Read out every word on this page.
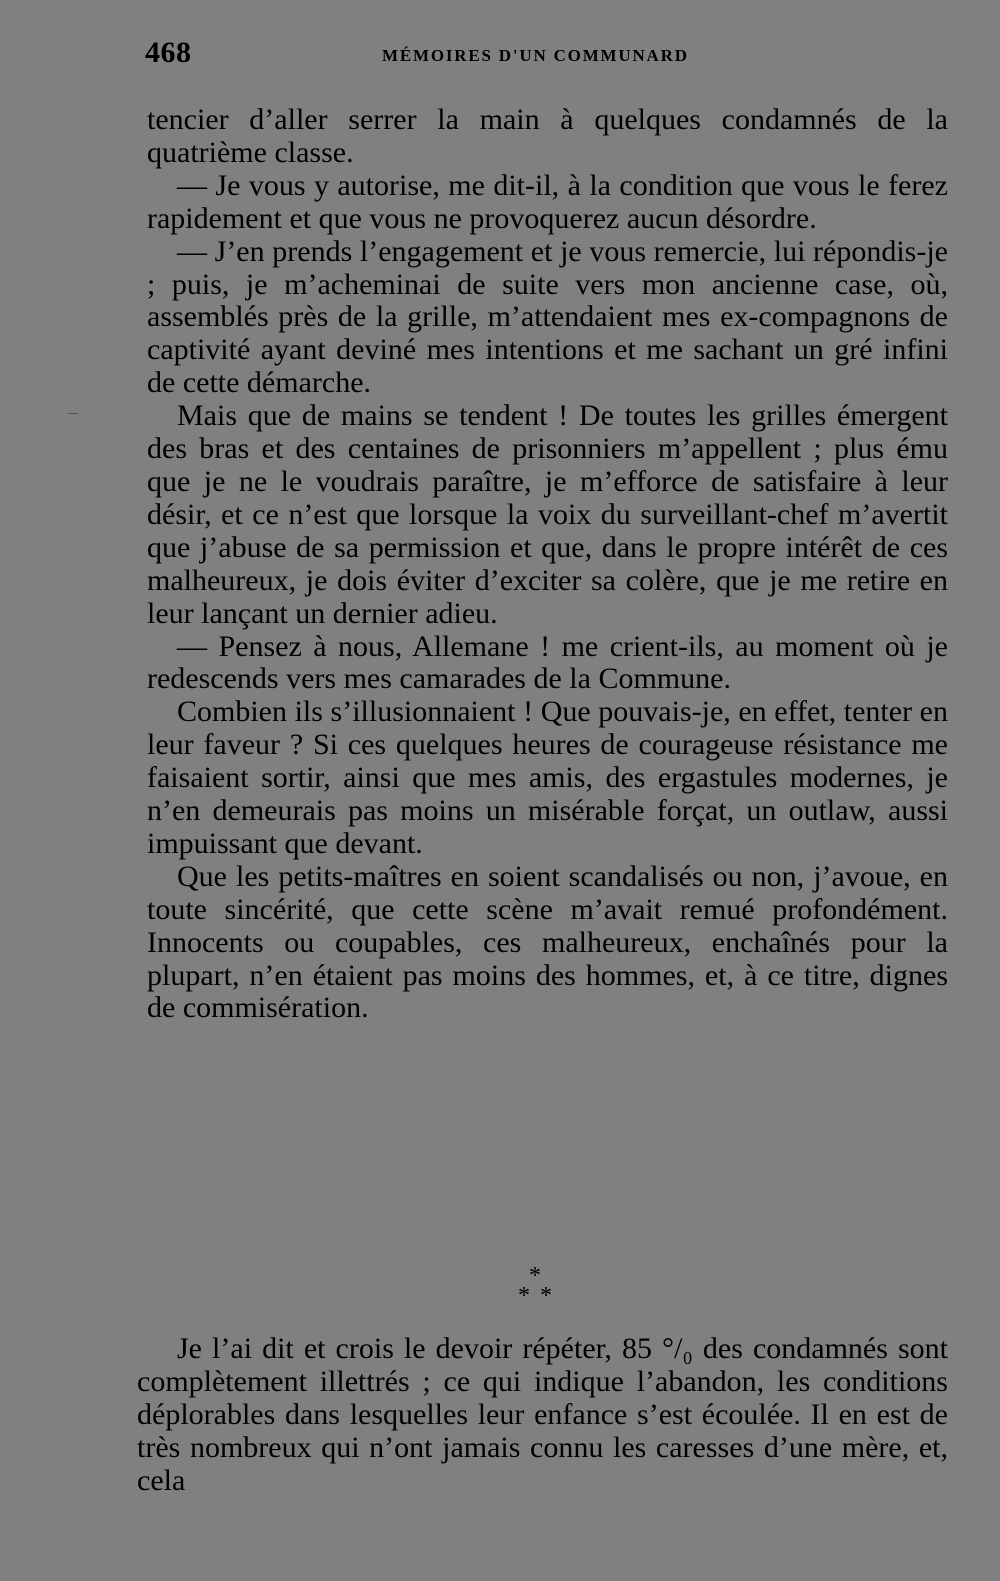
468	MÉMOIRES D'UN COMMUNARD

tencier d’aller serrer la main à quelques condamnés de la quatrième classe.

— Je vous y autorise, me dit-il, à la condition que vous le ferez rapidement et que vous ne provoquerez aucun désordre.

— J’en prends l’engagement et je vous remercie, lui répondis-je ; puis, je m’acheminai de suite vers mon ancienne case, où, assemblés près de la grille, m’attendaient mes ex-compagnons de captivité ayant deviné mes intentions et me sachant un gré infini de cette démarche.

Mais que de mains se tendent ! De toutes les grilles émergent des bras et des centaines de prisonniers m’appellent ; plus ému que je ne le voudrais paraître, je m’efforce de satisfaire à leur désir, et ce n’est que lorsque la voix du surveillant-chef m’avertit que j’abuse de sa permission et que, dans le propre intérêt de ces malheureux, je dois éviter d’exciter sa colère, que je me retire en leur lançant un dernier adieu.

— Pensez à nous, Allemane ! me crient-ils, au moment où je redescends vers mes camarades de la Commune.

Combien ils s’illusionnaient ! Que pouvais-je, en effet, tenter en leur faveur ? Si ces quelques heures de courageuse résistance me faisaient sortir, ainsi que mes amis, des ergastules modernes, je n’en demeurais pas moins un misérable forçat, un outlaw, aussi impuissant que devant.

Que les petits-maîtres en soient scandalisés ou non, j’avoue, en toute sincérité, que cette scène m’avait remué profondément. Innocents ou coupables, ces malheureux, enchaînés pour la plupart, n’en étaient pas moins des hommes, et, à ce titre, dignes de commisération.

*
* *

Je l’ai dit et crois le devoir répéter, 85 °/₀ des condamnés sont complètement illettrés ; ce qui indique l’abandon, les conditions déplorables dans lesquelles leur enfance s’est écoulée. Il en est de très nombreux qui n’ont jamais connu les caresses d’une mère, et, cela
